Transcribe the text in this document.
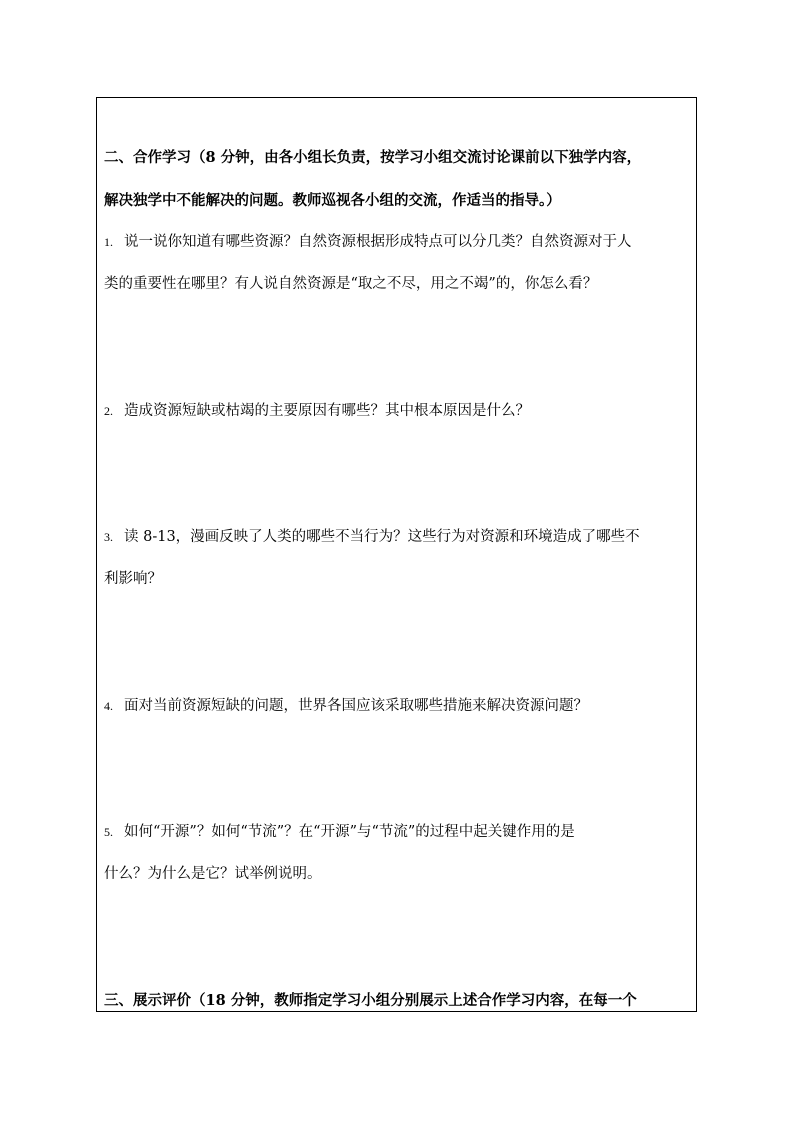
二、合作学习（8 分钟，由各小组长负责，按学习小组交流讨论课前以下独学内容，
解决独学中不能解决的问题。教师巡视各小组的交流，作适当的指导。）
1. 说一说你知道有哪些资源？自然资源根据形成特点可以分几类？自然资源对于人
类的重要性在哪里？有人说自然资源是“取之不尽，用之不竭”的，你怎么看？
2. 造成资源短缺或枯竭的主要原因有哪些？其中根本原因是什么？
3. 读 8-13，漫画反映了人类的哪些不当行为？这些行为对资源和环境造成了哪些不
利影响？
4. 面对当前资源短缺的问题，世界各国应该采取哪些措施来解决资源问题？
5. 如何“开源”？如何“节流”？在“开源”与“节流”的过程中起关键作用的是
什么？为什么是它？试举例说明。
三、展示评价（18 分钟，教师指定学习小组分别展示上述合作学习内容，在每一个
